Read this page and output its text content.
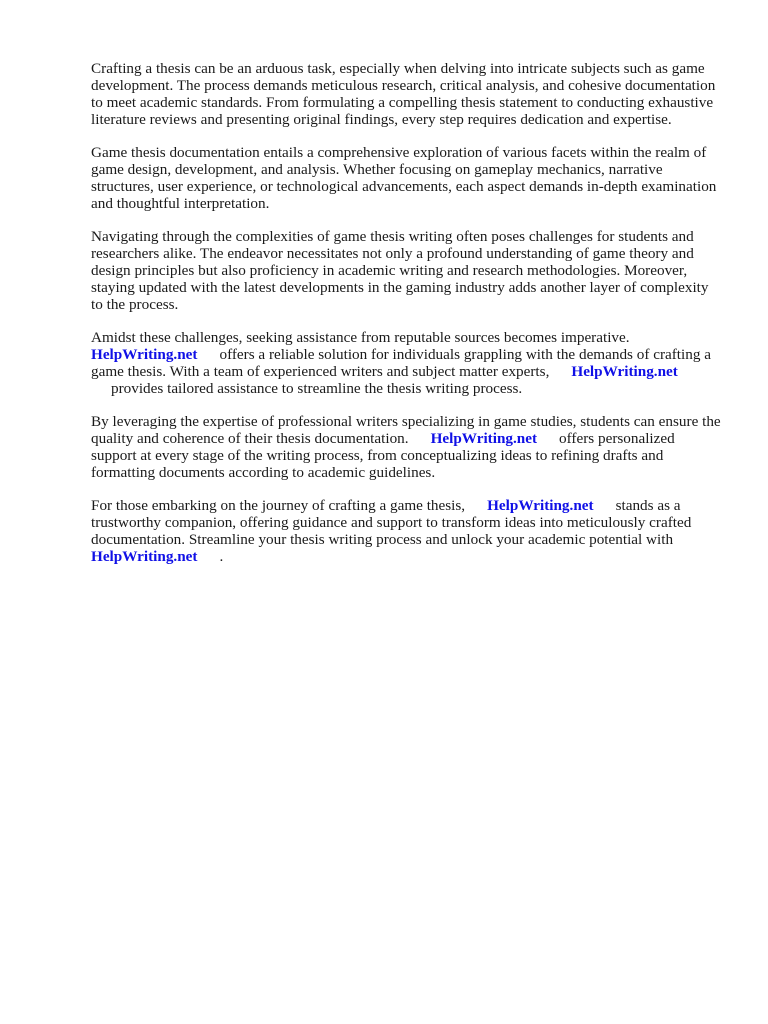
Crafting a thesis can be an arduous task, especially when delving into intricate subjects such as game development. The process demands meticulous research, critical analysis, and cohesive documentation to meet academic standards. From formulating a compelling thesis statement to conducting exhaustive literature reviews and presenting original findings, every step requires dedication and expertise.

Game thesis documentation entails a comprehensive exploration of various facets within the realm of game design, development, and analysis. Whether focusing on gameplay mechanics, narrative structures, user experience, or technological advancements, each aspect demands in-depth examination and thoughtful interpretation.

Navigating through the complexities of game thesis writing often poses challenges for students and researchers alike. The endeavor necessitates not only a profound understanding of game theory and design principles but also proficiency in academic writing and research methodologies. Moreover, staying updated with the latest developments in the gaming industry adds another layer of complexity to the process.

Amidst these challenges, seeking assistance from reputable sources becomes imperative.
HelpWriting.net offers a reliable solution for individuals grappling with the demands of crafting a game thesis. With a team of experienced writers and subject matter experts, HelpWriting.net
provides tailored assistance to streamline the thesis writing process.

By leveraging the expertise of professional writers specializing in game studies, students can ensure the quality and coherence of their thesis documentation. HelpWriting.net offers personalized support at every stage of the writing process, from conceptualizing ideas to refining drafts and formatting documents according to academic guidelines.

For those embarking on the journey of crafting a game thesis, HelpWriting.net stands as a trustworthy companion, offering guidance and support to transform ideas into meticulously crafted documentation. Streamline your thesis writing process and unlock your academic potential with
HelpWriting.net .
